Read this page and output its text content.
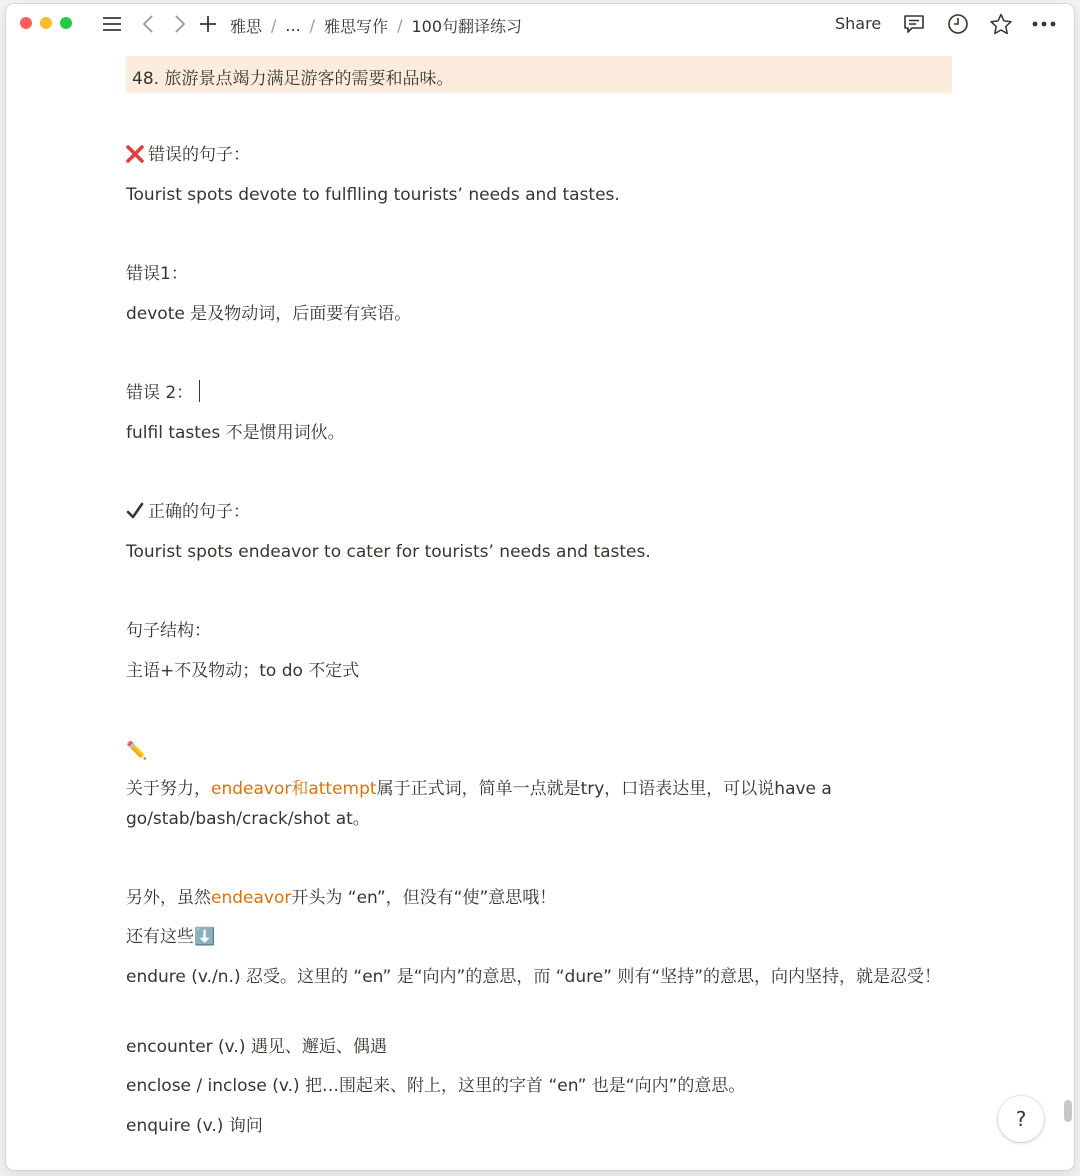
雅思 / ... / 雅思写作 / 100句翻译练习	Share
48. 旅游景点竭力满足游客的需要和品味。
错误的句子：
Tourist spots devote to fulflling tourists’ needs and tastes.
错误1：
devote 是及物动词，后面要有宾语。
错误 2：
fulfil tastes 不是惯用词伙。
正确的句子：
Tourist spots endeavor to cater for tourists’ needs and tastes.
句子结构：
主语+不及物动；to do 不定式
✏️
关于努力，endeavor和attempt属于正式词，简单一点就是try，口语表达里，可以说have a go/stab/bash/crack/shot at。
另外，虽然endeavor开头为 “en”，但没有“使”意思哦！
还有这些⬇️
endure (v./n.) 忍受。这里的 “en” 是“向内”的意思，而 “dure” 则有“坚持”的意思，向内坚持，就是忍受！
encounter (v.) 遇见、邂逅、偶遇
enclose / inclose (v.) 把…围起来、附上，这里的字首 “en” 也是“向内”的意思。
enquire (v.) 询问	?
